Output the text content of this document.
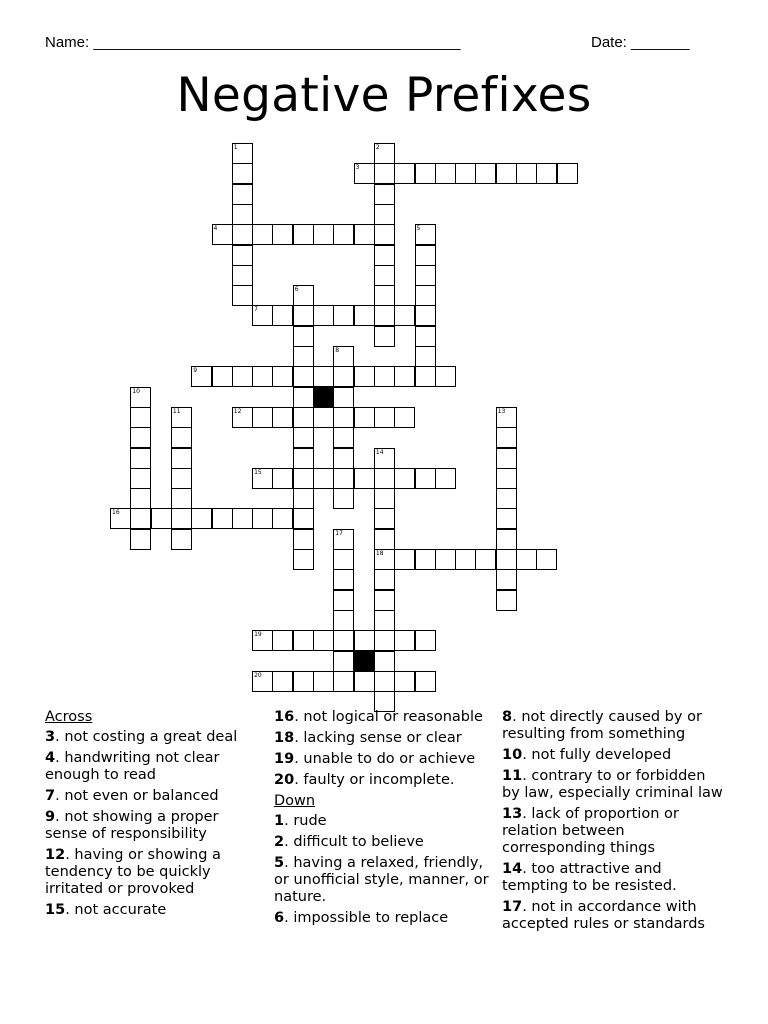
Name: ____________________________________________	Date: _______
Negative Prefixes
1	2
3
4	5
6
7
8
9
10
11	12	13
14
18
15
16
17
19
20
Across
3. not costing a great deal
4. handwriting not clear enough to read
7. not even or balanced
9. not showing a proper sense of responsibility
12. having or showing a tendency to be quickly irritated or provoked
15. not accurate
16. not logical or reasonable
18. lacking sense or clear
19. unable to do or achieve
20. faulty or incomplete.
Down
1. rude
2. difficult to believe
5. having a relaxed, friendly, or unofficial style, manner, or nature.
6. impossible to replace
8. not directly caused by or resulting from something
10. not fully developed
11. contrary to or forbidden by law, especially criminal law
13. lack of proportion or relation between corresponding things
14. too attractive and tempting to be resisted.
17. not in accordance with accepted rules or standards
